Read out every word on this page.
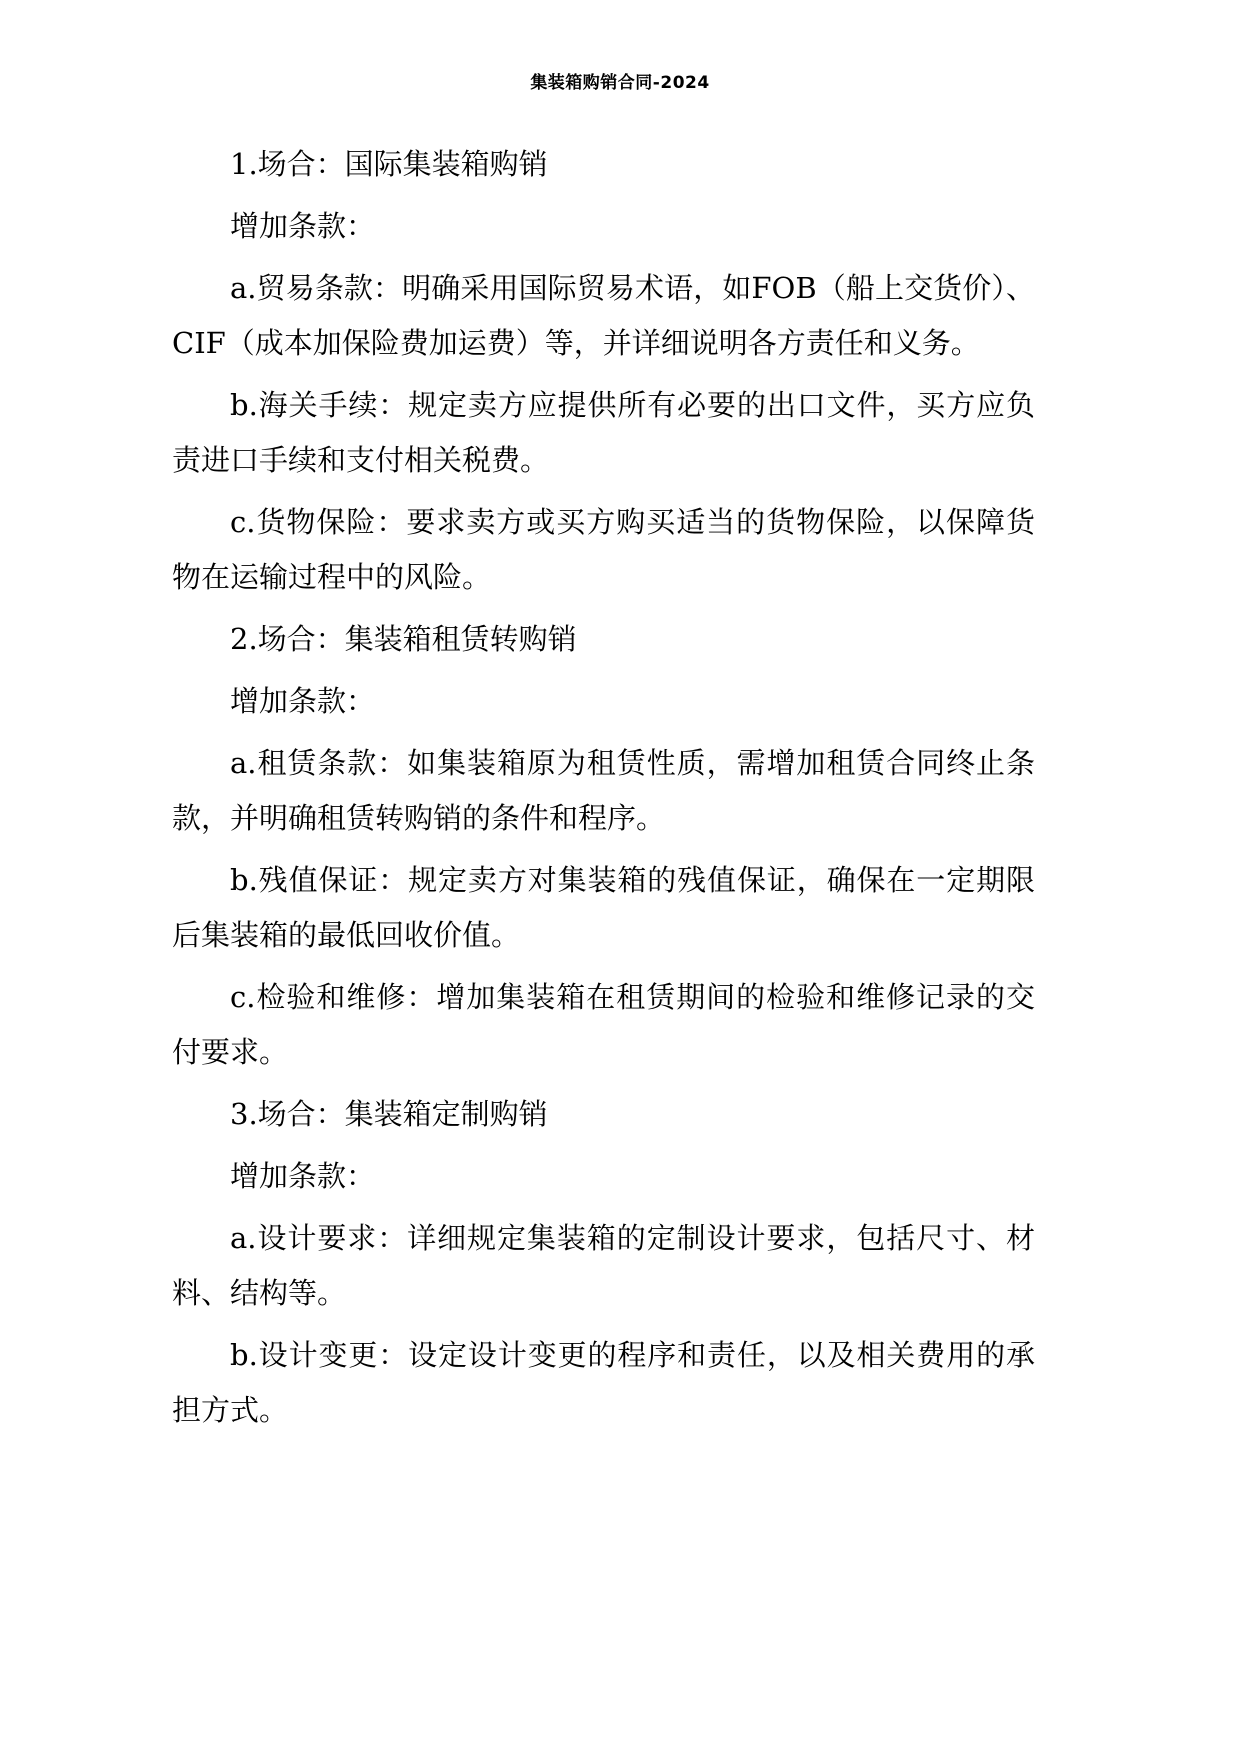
集装箱购销合同-2024

1.场合：国际集装箱购销

增加条款：

a.贸易条款：明确采用国际贸易术语，如FOB（船上交货价）、CIF（成本加保险费加运费）等，并详细说明各方责任和义务。

b.海关手续：规定卖方应提供所有必要的出口文件，买方应负责进口手续和支付相关税费。

c.货物保险：要求卖方或买方购买适当的货物保险，以保障货物在运输过程中的风险。

2.场合：集装箱租赁转购销

增加条款：

a.租赁条款：如集装箱原为租赁性质，需增加租赁合同终止条款，并明确租赁转购销的条件和程序。

b.残值保证：规定卖方对集装箱的残值保证，确保在一定期限后集装箱的最低回收价值。

c.检验和维修：增加集装箱在租赁期间的检验和维修记录的交付要求。

3.场合：集装箱定制购销

增加条款：

a.设计要求：详细规定集装箱的定制设计要求，包括尺寸、材料、结构等。

b.设计变更：设定设计变更的程序和责任，以及相关费用的承担方式。
